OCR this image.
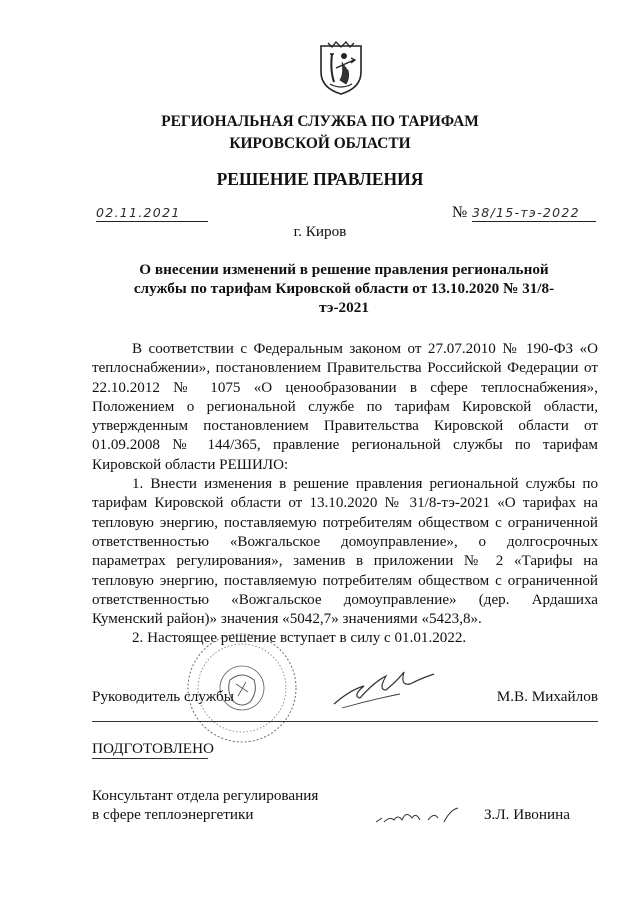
РЕГИОНАЛЬНАЯ СЛУЖБА ПО ТАРИФАМ
КИРОВСКОЙ ОБЛАСТИ
РЕШЕНИЕ ПРАВЛЕНИЯ
02.11.2021	№ 38/15-тэ-2022
г. Киров
О внесении изменений в решение правления региональной службы по тарифам Кировской области от 13.10.2020 № 31/8-тэ-2021

В соответствии с Федеральным законом от 27.07.2010 № 190-ФЗ «О теплоснабжении», постановлением Правительства Российской Федерации от 22.10.2012 № 1075 «О ценообразовании в сфере теплоснабжения», Положением о региональной службе по тарифам Кировской области, утвержденным постановлением Правительства Кировской области от 01.09.2008 № 144/365, правление региональной службы по тарифам Кировской области РЕШИЛО:

1. Внести изменения в решение правления региональной службы по тарифам Кировской области от 13.10.2020 № 31/8-тэ-2021 «О тарифах на тепловую энергию, поставляемую потребителям обществом с ограниченной ответственностью «Вожгальское домоуправление», о долгосрочных параметрах регулирования», заменив в приложении № 2 «Тарифы на тепловую энергию, поставляемую потребителям обществом с ограниченной ответственностью «Вожгальское домоуправление» (дер. Ардашиха Куменский район)» значения «5042,7» значениями «5423,8».

2. Настоящее решение вступает в силу с 01.01.2022.

Руководитель службы	М.В. Михайлов
ПОДГОТОВЛЕНО
Консультант отдела регулирования
в сфере теплоэнергетики	З.Л. Ивонина
